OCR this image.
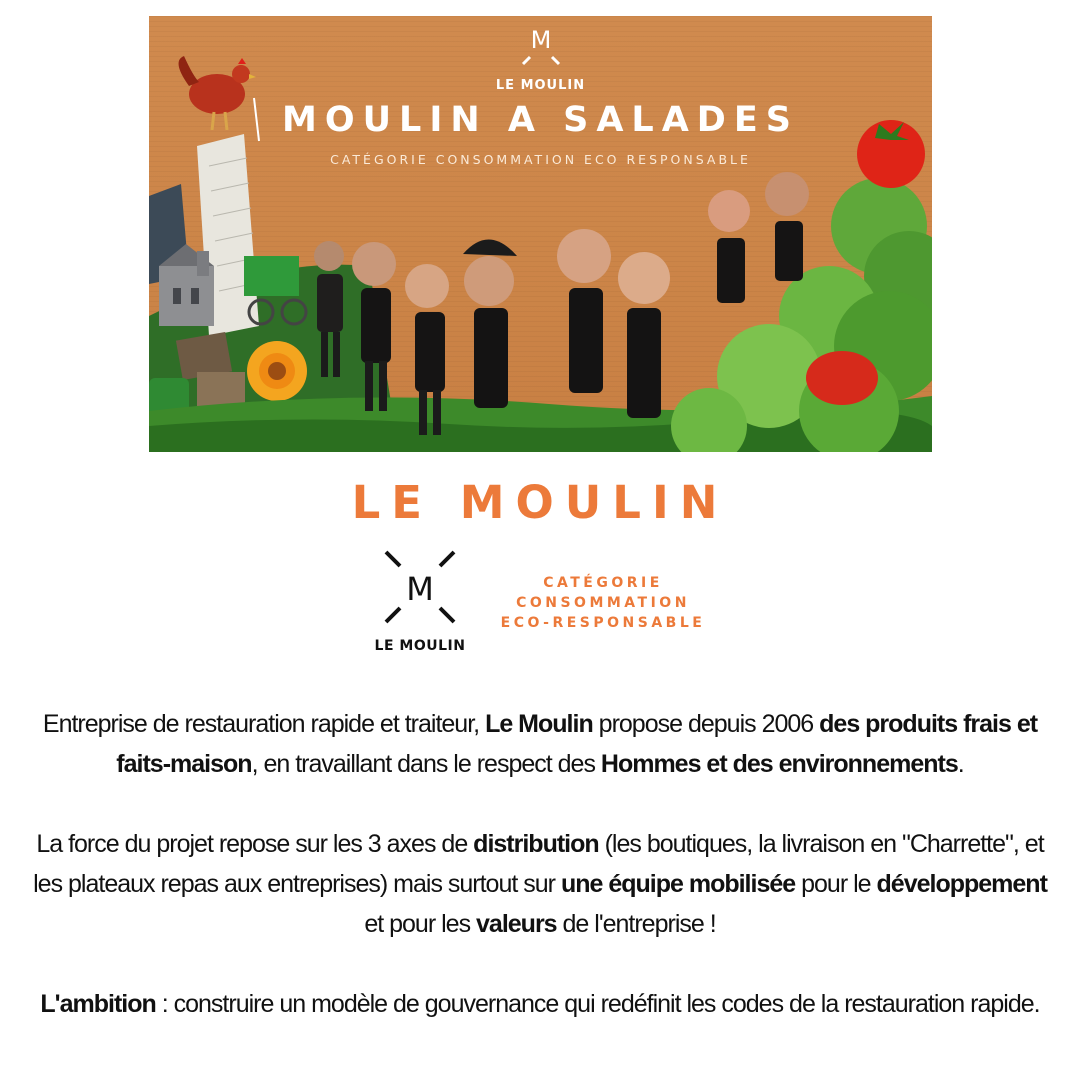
M
LE MOULIN
MOULIN A SALADES
CATÉGORIE CONSOMMATION ECO RESPONSABLE
LE MOULIN
M
LE MOULIN
CATÉGORIE
CONSOMMATION
ECO-RESPONSABLE

Entreprise de restauration rapide et traiteur, Le Moulin propose depuis 2006 des produits frais et faits-maison, en travaillant dans le respect des Hommes et des environnements.

La force du projet repose sur les 3 axes de distribution (les boutiques, la livraison en "Charrette", et les plateaux repas aux entreprises) mais surtout sur une équipe mobilisée pour le développement et pour les valeurs de l'entreprise !

L'ambition : construire un modèle de gouvernance qui redéfinit les codes de la restauration rapide.
